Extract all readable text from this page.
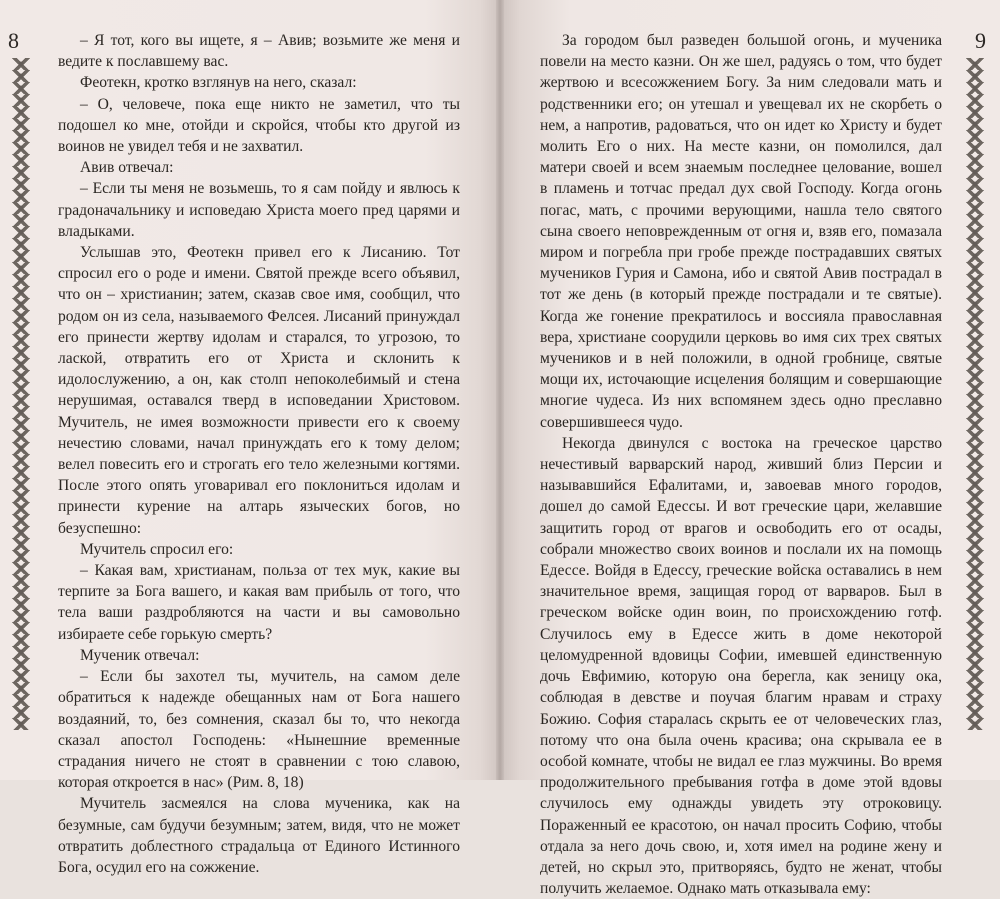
8	– Я тот, кого вы ищете, я – Авив; возьмите же меня и ведите к пославшему вас.

Феотекн, кротко взглянув на него, сказал:

– О, человече, пока еще никто не заметил, что ты подошел ко мне, отойди и скройся, чтобы кто другой из воинов не увидел тебя и не захватил.

Авив отвечал:

– Если ты меня не возьмешь, то я сам пойду и явлюсь к градоначальнику и исповедаю Христа моего пред царями и владыками.

Услышав это, Феотекн привел его к Лисанию. Тот спросил его о роде и имени. Святой прежде всего объявил, что он – христианин; затем, сказав свое имя, сообщил, что родом он из села, называемого Фелсея. Лисаний принуждал его принести жертву идолам и старался, то угрозою, то лаской, отвратить его от Христа и склонить к идолослужению, а он, как столп непоколебимый и стена нерушимая, оставался тверд в исповедании Христовом. Мучитель, не имея возможности привести его к своему нечестию словами, начал принуждать его к тому делом; велел повесить его и строгать его тело железными когтями. После этого опять уговаривал его поклониться идолам и принести курение на алтарь языческих богов, но безуспешно:

Мучитель спросил его:

– Какая вам, христианам, польза от тех мук, какие вы терпите за Бога вашего, и какая вам прибыль от того, что тела ваши раздробляются на части и вы самовольно избираете себе горькую смерть?

Мученик отвечал:

– Если бы захотел ты, мучитель, на самом деле обратиться к надежде обещанных нам от Бога нашего воздаяний, то, без сомнения, сказал бы то, что некогда сказал апостол Господень: «Нынешние временные страдания ничего не стоят в сравнении с тою славою, которая откроется в нас» (Рим. 8, 18)

Мучитель засмеялся на слова мученика, как на безумные, сам будучи безумным; затем, видя, что не может отвратить доблестного страдальца от Единого Истинного Бога, осудил его на сожжение.

9

За городом был разведен большой огонь, и мученика повели на место казни. Он же шел, радуясь о том, что будет жертвою и всесожжением Богу. За ним следовали мать и родственники его; он утешал и увещевал их не скорбеть о нем, а напротив, радоваться, что он идет ко Христу и будет молить Его о них. На месте казни, он помолился, дал матери своей и всем знаемым последнее целование, вошел в пламень и тотчас предал дух свой Господу. Когда огонь погас, мать, с прочими верующими, нашла тело святого сына своего неповрежденным от огня и, взяв его, помазала миром и погребла при гробе прежде пострадавших святых мучеников Гурия и Самона, ибо и святой Авив пострадал в тот же день (в который прежде пострадали и те святые). Когда же гонение прекратилось и воссияла православная вера, христиане соорудили церковь во имя сих трех святых мучеников и в ней положили, в одной гробнице, святые мощи их, источающие исцеления болящим и совершающие многие чудеса. Из них вспомянем здесь одно преславно совершившееся чудо.

Некогда двинулся с востока на греческое царство нечестивый варварский народ, живший близ Персии и называвшийся Ефалитами, и, завоевав много городов, дошел до самой Едессы. И вот греческие цари, желавшие защитить город от врагов и освободить его от осады, собрали множество своих воинов и послали их на помощь Едессе. Войдя в Едессу, греческие войска оставались в нем значительное время, защищая город от варваров. Был в греческом войске один воин, по происхождению готф. Случилось ему в Едессе жить в доме некоторой целомудренной вдовицы Софии, имевшей единственную дочь Евфимию, которую она берегла, как зеницу ока, соблюдая в девстве и поучая благим нравам и страху Божию. София старалась скрыть ее от человеческих глаз, потому что она была очень красива; она скрывала ее в особой комнате, чтобы не видал ее глаз мужчины. Во время продолжительного пребывания готфа в доме этой вдовы случилось ему однажды увидеть эту отроковицу. Пораженный ее красотою, он начал просить Софию, чтобы отдала за него дочь свою, и, хотя имел на родине жену и детей, но скрыл это, притворяясь, будто не женат, чтобы получить желаемое. Однако мать отказывала ему:
